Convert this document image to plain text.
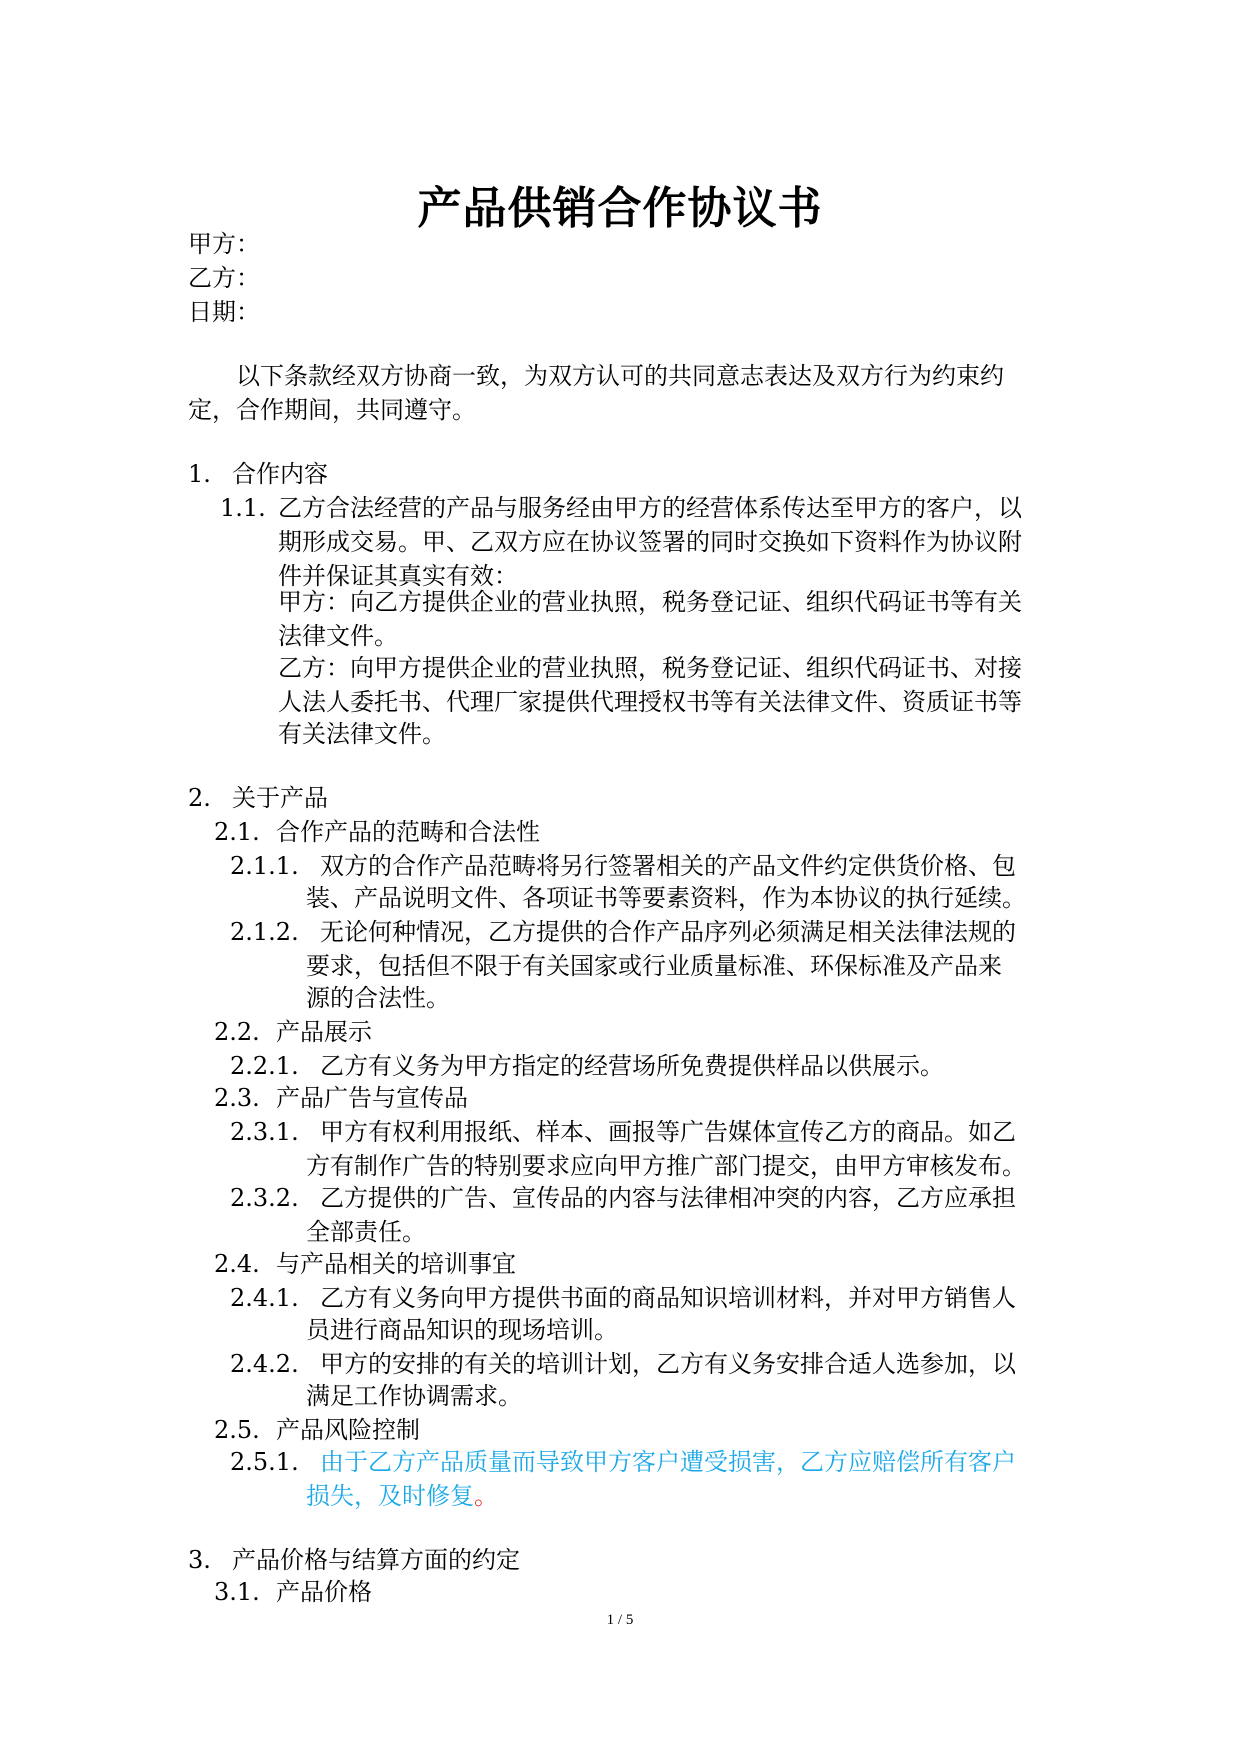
产品供销合作协议书
甲方：
乙方：
日期：
以下条款经双方协商一致，为双方认可的共同意志表达及双方行为约束约
定，合作期间，共同遵守。
1. 合作内容
1.1. 乙方合法经营的产品与服务经由甲方的经营体系传达至甲方的客户，以
期形成交易。甲、乙双方应在协议签署的同时交换如下资料作为协议附
件并保证其真实有效：
甲方：向乙方提供企业的营业执照，税务登记证、组织代码证书等有关
法律文件。
乙方：向甲方提供企业的营业执照，税务登记证、组织代码证书、对接
人法人委托书、代理厂家提供代理授权书等有关法律文件、资质证书等
有关法律文件。
2. 关于产品
2.1. 合作产品的范畴和合法性
2.1.1. 双方的合作产品范畴将另行签署相关的产品文件约定供货价格、包
装、产品说明文件、各项证书等要素资料，作为本协议的执行延续。
2.1.2. 无论何种情况，乙方提供的合作产品序列必须满足相关法律法规的
要求，包括但不限于有关国家或行业质量标准、环保标准及产品来
源的合法性。
2.2. 产品展示
2.2.1. 乙方有义务为甲方指定的经营场所免费提供样品以供展示。
2.3. 产品广告与宣传品
2.3.1. 甲方有权利用报纸、样本、画报等广告媒体宣传乙方的商品。如乙
方有制作广告的特别要求应向甲方推广部门提交，由甲方审核发布。
2.3.2. 乙方提供的广告、宣传品的内容与法律相冲突的内容，乙方应承担
全部责任。
2.4. 与产品相关的培训事宜
2.4.1. 乙方有义务向甲方提供书面的商品知识培训材料，并对甲方销售人
员进行商品知识的现场培训。
2.4.2. 甲方的安排的有关的培训计划，乙方有义务安排合适人选参加，以
满足工作协调需求。
2.5. 产品风险控制
2.5.1. 由于乙方产品质量而导致甲方客户遭受损害，乙方应赔偿所有客户
损失，及时修复。
3. 产品价格与结算方面的约定
3.1. 产品价格
1 / 5
